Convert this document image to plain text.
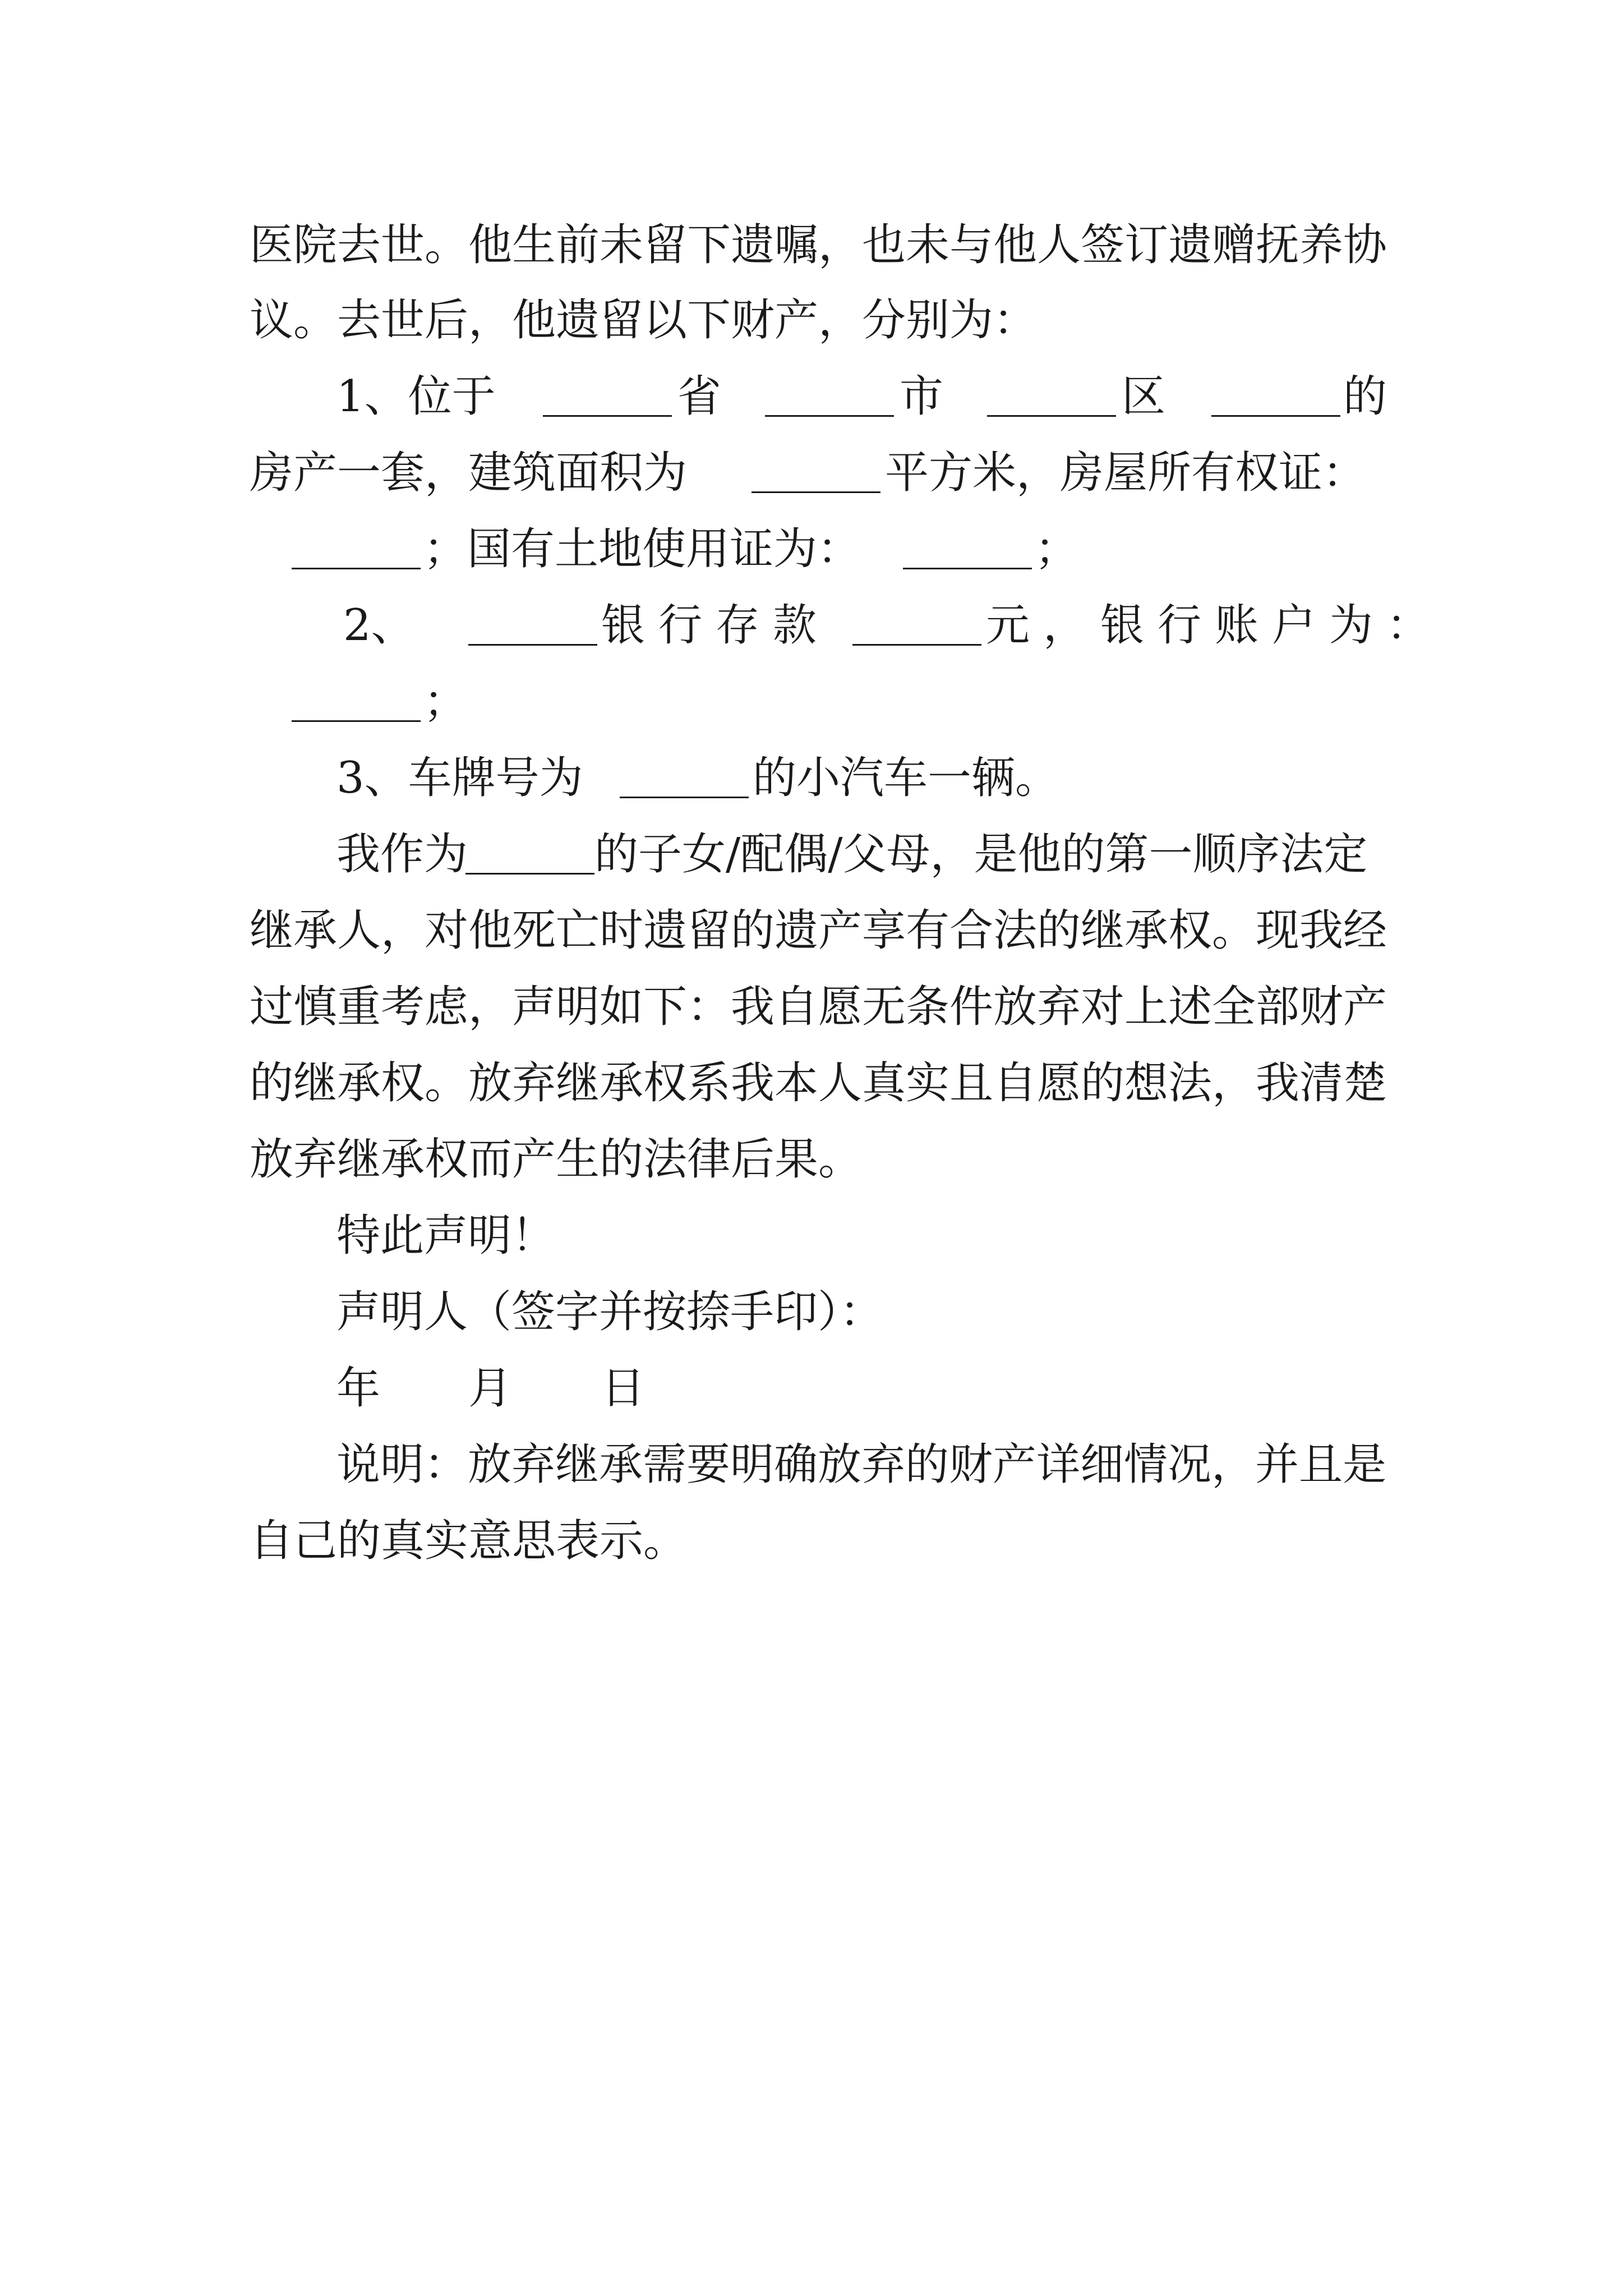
医院去世。他生前未留下遗嘱，也未与他人签订遗赠抚养协
议。去世后，他遗留以下财产，分别为：
1、位于	省	市	区	的
房产一套，建筑面积为	平方米，房屋所有权证：
；国有土地使用证为：	；
2、	银行存款	元，银行账户为：
；
3、车牌号为	的小汽车一辆。
我作为	的子女/配偶/父母，是他的第一顺序法定
继承人，对他死亡时遗留的遗产享有合法的继承权。现我经
过慎重考虑，声明如下：我自愿无条件放弃对上述全部财产
的继承权。放弃继承权系我本人真实且自愿的想法，我清楚
放弃继承权而产生的法律后果。
特此声明！
声明人（签字并按捺手印）：
年 月 日
说明：放弃继承需要明确放弃的财产详细情况，并且是
自己的真实意思表示。
